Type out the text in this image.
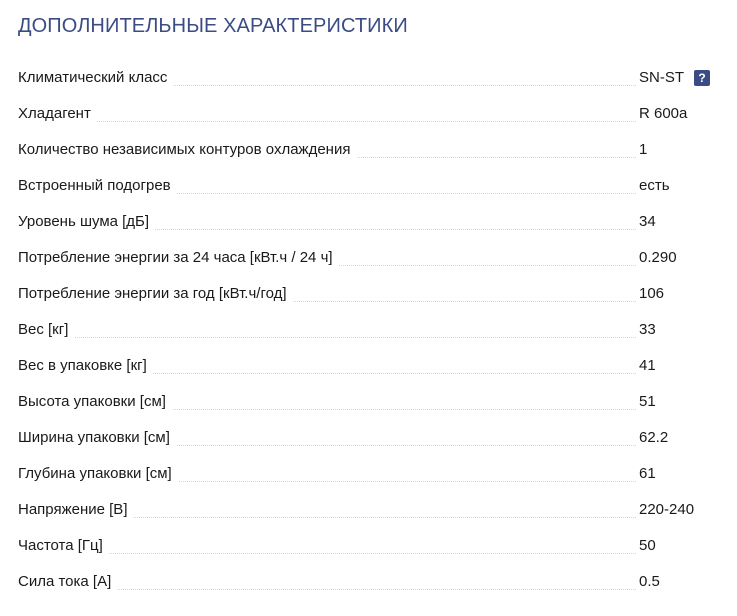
ДОПОЛНИТЕЛЬНЫЕ ХАРАКТЕРИСТИКИ
Климатический класс	SN-ST	?
Хладагент	R 600a
Количество независимых контуров охлаждения	1
Встроенный подогрев	есть
Уровень шума [дБ]	34
Потребление энергии за 24 часа [кВт.ч / 24 ч]	0.290
Потребление энергии за год [кВт.ч/год]	106
Вес [кг]	33
Вес в упаковке [кг]	41
Высота упаковки [см]	51
Ширина упаковки [см]	62.2
Глубина упаковки [см]	61
Напряжение [В]	220-240
Частота [Гц]	50
Сила тока [А]	0.5
